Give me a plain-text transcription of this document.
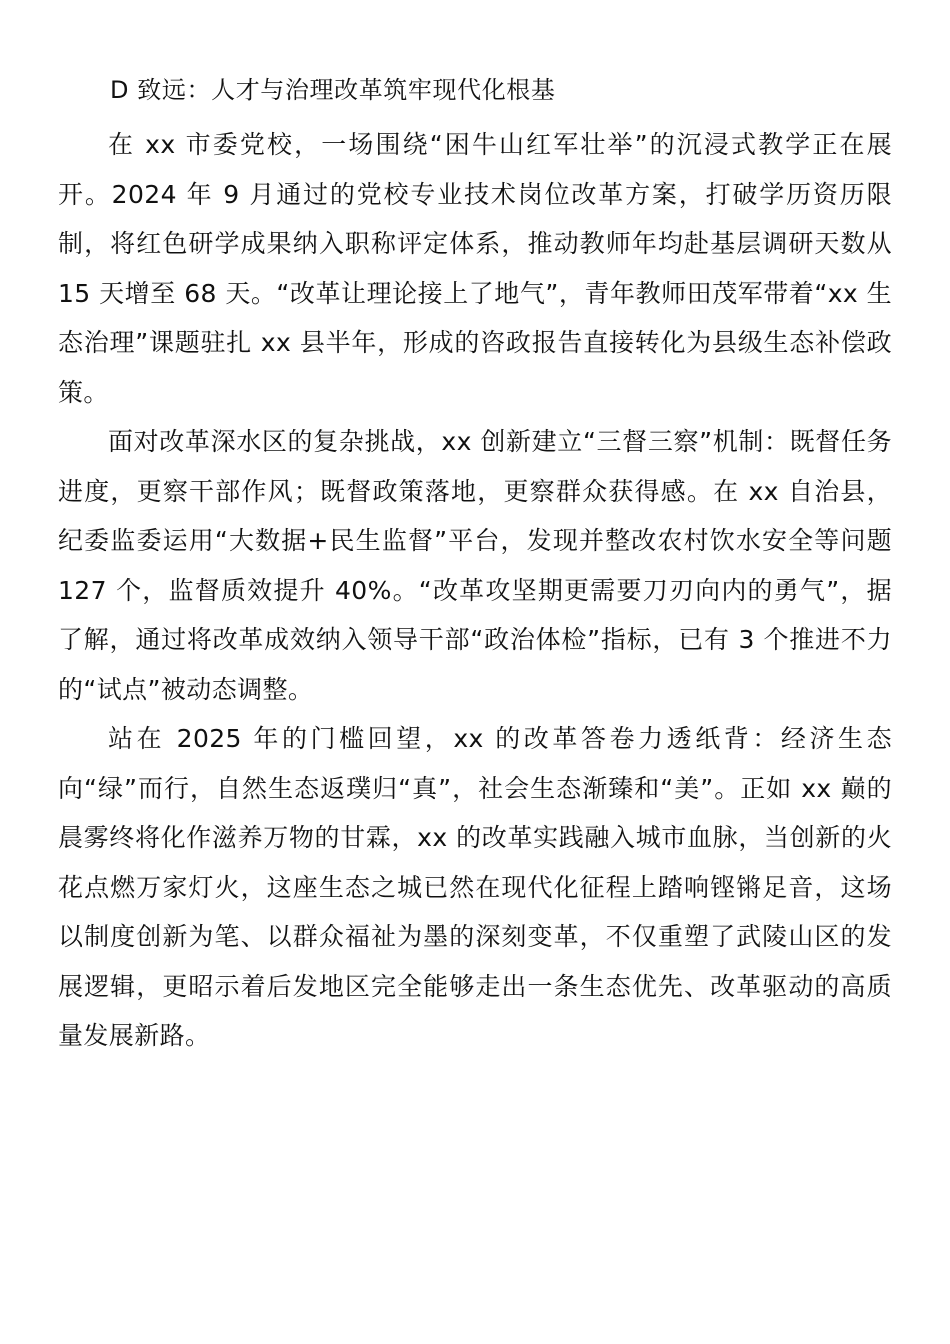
D 致远：人才与治理改革筑牢现代化根基

在 xx 市委党校，一场围绕“困牛山红军壮举”的沉浸式教学正在展开。2024 年 9 月通过的党校专业技术岗位改革方案，打破学历资历限制，将红色研学成果纳入职称评定体系，推动教师年均赴基层调研天数从 15 天增至 68 天。“改革让理论接上了地气”，青年教师田茂军带着“xx 生态治理”课题驻扎 xx 县半年，形成的咨政报告直接转化为县级生态补偿政策。

面对改革深水区的复杂挑战，xx 创新建立“三督三察”机制：既督任务进度，更察干部作风；既督政策落地，更察群众获得感。在 xx 自治县，纪委监委运用“大数据+民生监督”平台，发现并整改农村饮水安全等问题 127 个，监督质效提升 40%。“改革攻坚期更需要刀刃向内的勇气”，据了解，通过将改革成效纳入领导干部“政治体检”指标，已有 3 个推进不力的“试点”被动态调整。

站在 2025 年的门槛回望，xx 的改革答卷力透纸背：经济生态向“绿”而行，自然生态返璞归“真”，社会生态渐臻和“美”。正如 xx 巅的晨雾终将化作滋养万物的甘霖，xx 的改革实践融入城市血脉，当创新的火花点燃万家灯火，这座生态之城已然在现代化征程上踏响铿锵足音，这场以制度创新为笔、以群众福祉为墨的深刻变革，不仅重塑了武陵山区的发展逻辑，更昭示着后发地区完全能够走出一条生态优先、改革驱动的高质量发展新路。
